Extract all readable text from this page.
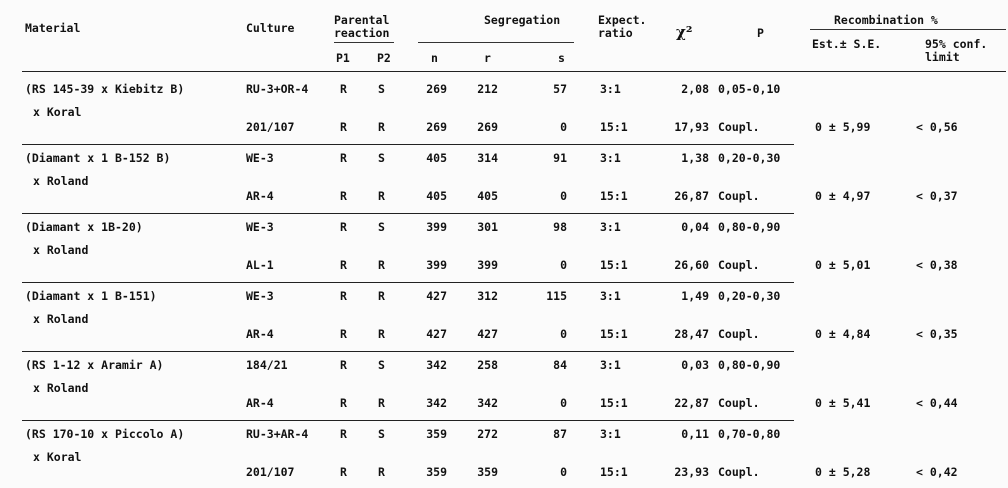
Material	Culture
Parental
reaction
P1 P2
Segregation
n	r	s
Expect.
ratio	χ²	P
Recombination %
Est.± S.E.	95% conf.
limit
(RS 145-39 x Kiebitz B)
x Koral
RU-3+OR-4	R	S	269	212	57	3:1	2,08 0,05-0,10
201/107	R	R	269	269	0	15:1	17,93 Coupl.	0 ± 5,99	< 0,56
(Diamant x 1 B-152 B)
x Roland
WE-3	R	S	405	314	91	3:1	1,38 0,20-0,30
AR-4	R	R	405	405	0	15:1	26,87 Coupl.	0 ± 4,97	< 0,37
(Diamant x 1B-20)
x Roland
WE-3	R	S	399	301	98	3:1	0,04 0,80-0,90
AL-1	R	R	399	399	0	15:1	26,60 Coupl.	0 ± 5,01	< 0,38
(Diamant x 1 B-151)
x Roland
WE-3	R	R	427	312	115	3:1	1,49 0,20-0,30
AR-4	R	R	427	427	0	15:1	28,47 Coupl.	0 ± 4,84	< 0,35
(RS 1-12 x Aramir A)
x Roland
184/21	R	S	342	258	84	3:1	0,03 0,80-0,90
AR-4	R	R	342	342	0	15:1	22,87 Coupl.	0 ± 5,41	< 0,44
(RS 170-10 x Piccolo A)
x Koral
RU-3+AR-4	R	S	359	272	87	3:1	0,11 0,70-0,80
201/107	R	R	359	359	0	15:1	23,93 Coupl.	0 ± 5,28	< 0,42
